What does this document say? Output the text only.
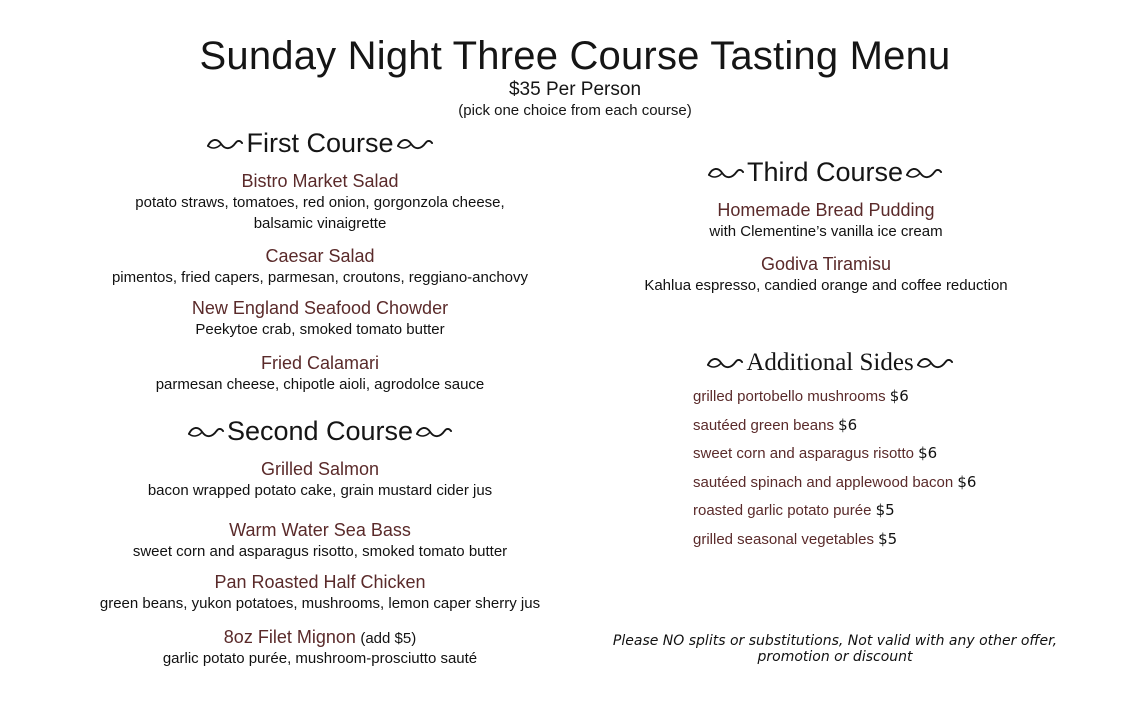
Sunday Night Three Course Tasting Menu
$35 Per Person
(pick one choice from each course)
First Course
Bistro Market Salad
potato straws, tomatoes, red onion, gorgonzola cheese,
balsamic vinaigrette
Caesar Salad
pimentos, fried capers, parmesan, croutons, reggiano-anchovy
New England Seafood Chowder
Peekytoe crab, smoked tomato butter
Fried Calamari
parmesan cheese, chipotle aioli, agrodolce sauce
Second Course
Grilled Salmon
bacon wrapped potato cake, grain mustard cider jus
Warm Water Sea Bass
sweet corn and asparagus risotto, smoked tomato butter
Pan Roasted Half Chicken
green beans, yukon potatoes, mushrooms, lemon caper sherry jus
8oz Filet Mignon (add $5)
garlic potato purée, mushroom-prosciutto sauté
Third Course
Homemade Bread Pudding
with Clementine’s vanilla ice cream
Godiva Tiramisu
Kahlua espresso, candied orange and coffee reduction
Additional Sides
grilled portobello mushrooms $6
sautéed green beans $6
sweet corn and asparagus risotto $6
sautéed spinach and applewood bacon $6
roasted garlic potato purée $5
grilled seasonal vegetables $5
Please NO splits or substitutions, Not valid with any other offer,
promotion or discount
